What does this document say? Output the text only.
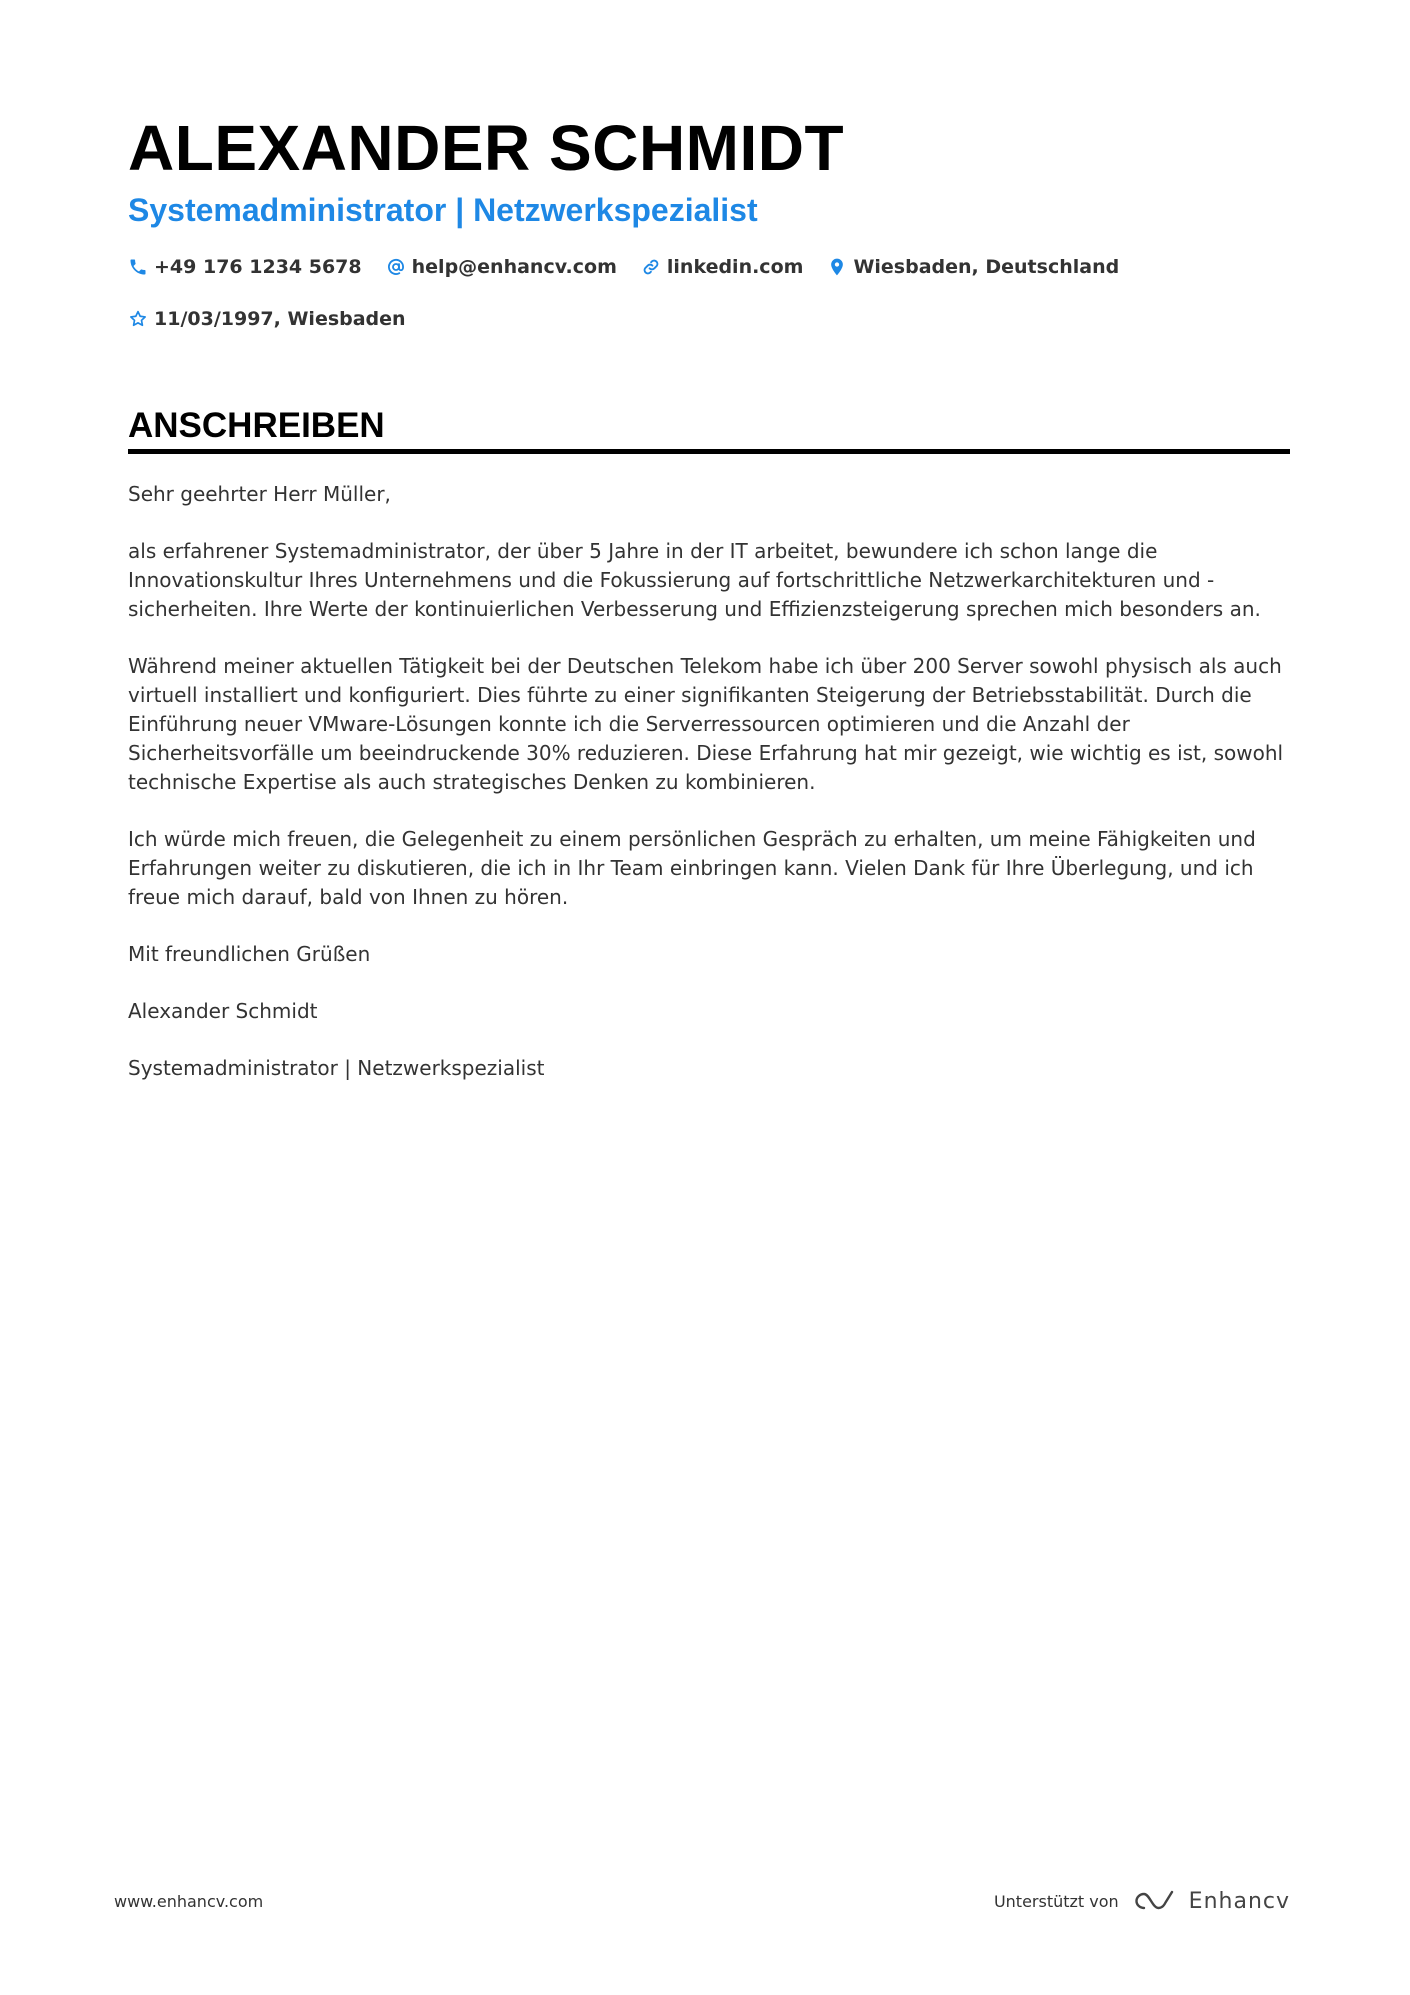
ALEXANDER SCHMIDT
Systemadministrator | Netzwerkspezialist
+49 176 1234 5678	help@enhancv.com	linkedin.com	Wiesbaden, Deutschland
11/03/1997, Wiesbaden
ANSCHREIBEN

Sehr geehrter Herr Müller,

als erfahrener Systemadministrator, der über 5 Jahre in der IT arbeitet, bewundere ich schon lange die Innovationskultur Ihres Unternehmens und die Fokussierung auf fortschrittliche Netzwerkarchitekturen und -sicherheiten. Ihre Werte der kontinuierlichen Verbesserung und Effizienzsteigerung sprechen mich besonders an.

Während meiner aktuellen Tätigkeit bei der Deutschen Telekom habe ich über 200 Server sowohl physisch als auch virtuell installiert und konfiguriert. Dies führte zu einer signifikanten Steigerung der Betriebsstabilität. Durch die Einführung neuer VMware-Lösungen konnte ich die Serverressourcen optimieren und die Anzahl der Sicherheitsvorfälle um beeindruckende 30% reduzieren. Diese Erfahrung hat mir gezeigt, wie wichtig es ist, sowohl technische Expertise als auch strategisches Denken zu kombinieren.

Ich würde mich freuen, die Gelegenheit zu einem persönlichen Gespräch zu erhalten, um meine Fähigkeiten und Erfahrungen weiter zu diskutieren, die ich in Ihr Team einbringen kann. Vielen Dank für Ihre Überlegung, und ich freue mich darauf, bald von Ihnen zu hören.

Mit freundlichen Grüßen

Alexander Schmidt

Systemadministrator | Netzwerkspezialist

www.enhancv.com	Unterstützt von	Enhancv
